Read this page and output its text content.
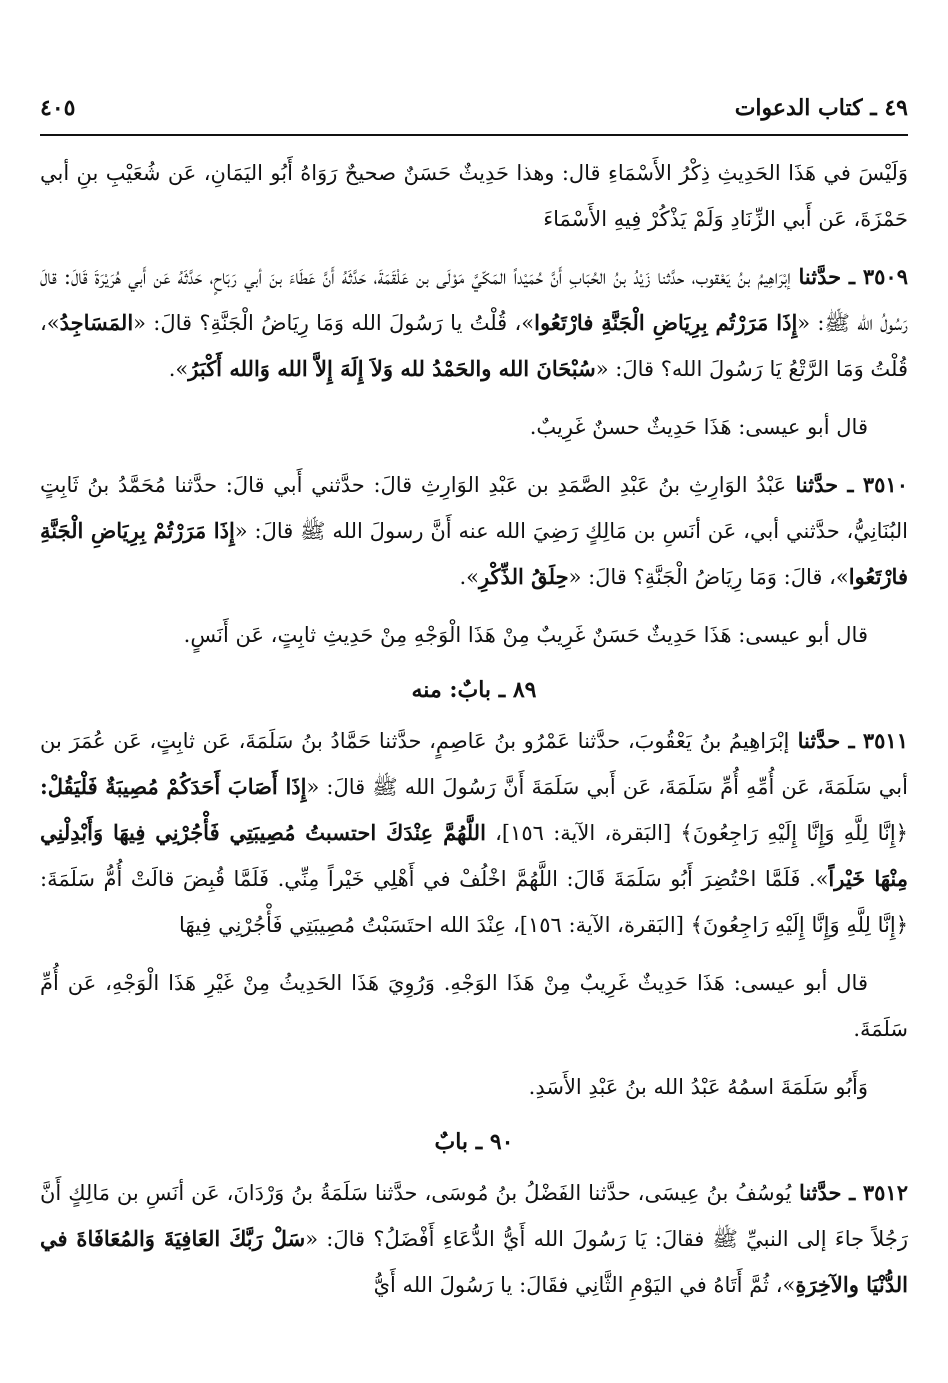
٤٩ ـ كتاب الدعوات
٤٠٥

وَلَيْسَ في هَذَا الحَدِيثِ ذِكْرُ الأَسْمَاءِ قال: وهذا حَدِيثٌ حَسَنٌ صحيحٌ رَوَاهُ أَبُو اليَمَانِ، عَن شُعَيْبِ بنِ أبي حَمْزَةَ، عَن أَبي الزِّنَادِ وَلَمْ يَذْكُرْ فِيهِ الأَسْمَاءَ

٣٥٠٩ ـ حدَّثنا إبْرَاهِيمُ بنُ يَعْقوب، حدَّثنا زَيْدُ بنُ الحُبَابِ أَنَّ حُمَيْداً المَكّيَّ مَوْلَى بن عَلْقَمَةَ، حَدَّثَهُ أَنَّ عَطَاءَ بنَ أبي رَبَاحٍ، حَدَّثَهُ عَن أَبي هُرَيْرَةَ قَالَ: قالَ رَسُولُ الله ﷺ: «إِذَا مَرَرْتُم بِرِيَاضِ الْجَنَّةِ فارْتَعُوا»، قُلْتُ يا رَسُولَ الله وَمَا رِيَاضُ الْجَنَّةِ؟ قالَ: «المَسَاجِدُ»، قُلْتُ وَمَا الرَّتْعُ يَا رَسُولَ الله؟ قالَ: «سُبْحَانَ الله والحَمْدُ لله وَلاَ إِلَهَ إِلاَّ الله وَالله أَكْبَرُ».

قال أبو عيسى: هَذَا حَدِيثٌ حسنٌ غَرِيبٌ.

٣٥١٠ ـ حدَّثنا عَبْدُ الوَارِثِ بنُ عَبْدِ الصَّمَدِ بن عَبْدِ الوَارِثِ قالَ: حدَّثني أَبي قالَ: حدَّثنا مُحَمَّدُ بنُ ثَابِتٍ البُنَانِيُّ، حدَّثني أبي، عَن أنَسِ بن مَالِكٍ رَضِيَ الله عنه أَنَّ رسولَ الله ﷺ قالَ: «إِذَا مَرَرْتُمْ بِرِيَاضِ الْجَنَّةِ فارْتَعُوا»، قالَ: وَمَا رِيَاضُ الْجَنَّةِ؟ قالَ: «حِلَقُ الذِّكْرِ».

قال أبو عيسى: هَذَا حَدِيثٌ حَسَنٌ غَرِيبٌ مِنْ هَذَا الْوَجْهِ مِنْ حَدِيثِ ثابِتٍ، عَن أَنَسٍ.

٨٩ ـ بابٌ: منه

٣٥١١ ـ حدَّثنا إبْرَاهِيمُ بنُ يَعْقُوبَ، حدَّثنا عَمْرُو بنُ عَاصِمٍ، حدَّثنا حَمَّادُ بنُ سَلَمَةَ، عَن ثابِتٍ، عَن عُمَرَ بن أبي سَلَمَةَ، عَن أُمِّهِ أُمِّ سَلَمَةَ، عَن أَبي سَلَمَةَ أَنَّ رَسُولَ الله ﷺ قالَ: «إِذَا أَصَابَ أَحَدَكُمْ مُصِيبَةٌ فَلْيَقُلْ: ﴿إِنَّا لِلَّهِ وَإِنَّا إِلَيْهِ رَاجِعُونَ﴾ [البَقرة، الآية: ١٥٦]، اللَّهُمَّ عِنْدَكَ احتسبتُ مُصِيبَتِي فَأْجُرْنِي فِيهَا وَأَبْدِلْنِي مِنْهَا خَيْراً». فَلَمَّا احْتُضِرَ أَبُو سَلَمَةَ قَالَ: اللَّهُمَّ اخْلُفْ في أَهْلِي خَيْراً مِنِّي. فَلَمَّا قُبِضَ قالَتْ أُمُّ سَلَمَةَ: ﴿إِنَّا لِلَّهِ وَإِنَّا إِلَيْهِ رَاجِعُونَ﴾ [البَقرة، الآية: ١٥٦]، عِنْدَ الله احتَسَبْتُ مُصِيبَتِي فَأْجُرْنِي فِيهَا

قال أبو عيسى: هَذَا حَدِيثٌ غَرِيبٌ مِنْ هَذَا الوَجْهِ. وَرُوِيَ هَذَا الحَدِيثُ مِنْ غَيْرِ هَذَا الْوَجْهِ، عَن أُمِّ سَلَمَةَ.

وَأَبُو سَلَمَةَ اسمُهُ عَبْدُ الله بنُ عَبْدِ الأَسَدِ.

٩٠ ـ بابٌ

٣٥١٢ ـ حدَّثنا يُوسُفُ بنُ عِيسَى، حدَّثنا الفَضْلُ بنُ مُوسَى، حدَّثنا سَلَمَةُ بنُ وَرْدَانَ، عَن أنَسِ بن مَالِكٍ أَنَّ رَجُلاً جاءَ إلى النبيِّ ﷺ فقالَ: يَا رَسُولَ الله أَيُّ الدُّعَاءِ أَفْضَلُ؟ قالَ: «سَلْ رَبَّكَ العَافِيَةَ وَالمُعَافَاةَ في الدُّنْيَا والآخِرَةِ»، ثُمَّ أَتَاهُ في اليَوْمِ الثَّانِي فقَالَ: يا رَسُولَ الله أَيُّ
